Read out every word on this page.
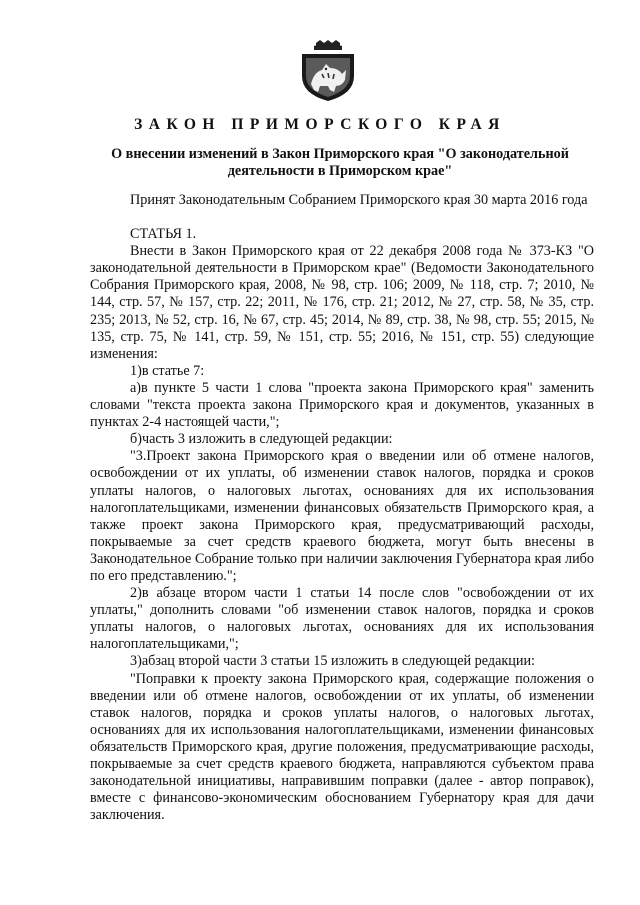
ЗАКОН ПРИМОРСКОГО КРАЯ
О внесении изменений в Закон Приморского края "О законодательной деятельности в Приморском крае"

Принят Законодательным Собранием Приморского края 30 марта 2016 года

СТАТЬЯ 1.

Внести в Закон Приморского края от 22 декабря 2008 года № 373-КЗ "О законодательной деятельности в Приморском крае" (Ведомости Законодательного Собрания Приморского края, 2008, № 98, стр. 106; 2009, № 118, стр. 7; 2010, № 144, стр. 57, № 157, стр. 22; 2011, № 176, стр. 21; 2012, № 27, стр. 58, № 35, стр. 235; 2013, № 52, стр. 16, № 67, стр. 45; 2014, № 89, стр. 38, № 98, стр. 55; 2015, № 135, стр. 75, № 141, стр. 59, № 151, стр. 55; 2016, № 151, стр. 55) следующие изменения:

1)в статье 7:

а)в пункте 5 части 1 слова "проекта закона Приморского края" заменить словами "текста проекта закона Приморского края и документов, указанных в пунктах 2-4 настоящей части,";

б)часть 3 изложить в следующей редакции:

"3.Проект закона Приморского края о введении или об отмене налогов, освобождении от их уплаты, об изменении ставок налогов, порядка и сроков уплаты налогов, о налоговых льготах, основаниях для их использования налогоплательщиками, изменении финансовых обязательств Приморского края, а также проект закона Приморского края, предусматривающий расходы, покрываемые за счет средств краевого бюджета, могут быть внесены в Законодательное Собрание только при наличии заключения Губернатора края либо по его представлению.";

2)в абзаце втором части 1 статьи 14 после слов "освобождении от их уплаты," дополнить словами "об изменении ставок налогов, порядка и сроков уплаты налогов, о налоговых льготах, основаниях для их использования налогоплательщиками,";

3)абзац второй части 3 статьи 15 изложить в следующей редакции:

"Поправки к проекту закона Приморского края, содержащие положения о введении или об отмене налогов, освобождении от их уплаты, об изменении ставок налогов, порядка и сроков уплаты налогов, о налоговых льготах, основаниях для их использования налогоплательщиками, изменении финансовых обязательств Приморского края, другие положения, предусматривающие расходы, покрываемые за счет средств краевого бюджета, направляются субъектом права законодательной инициативы, направившим поправки (далее - автор поправок), вместе с финансово-экономическим обоснованием Губернатору края для дачи заключения.
